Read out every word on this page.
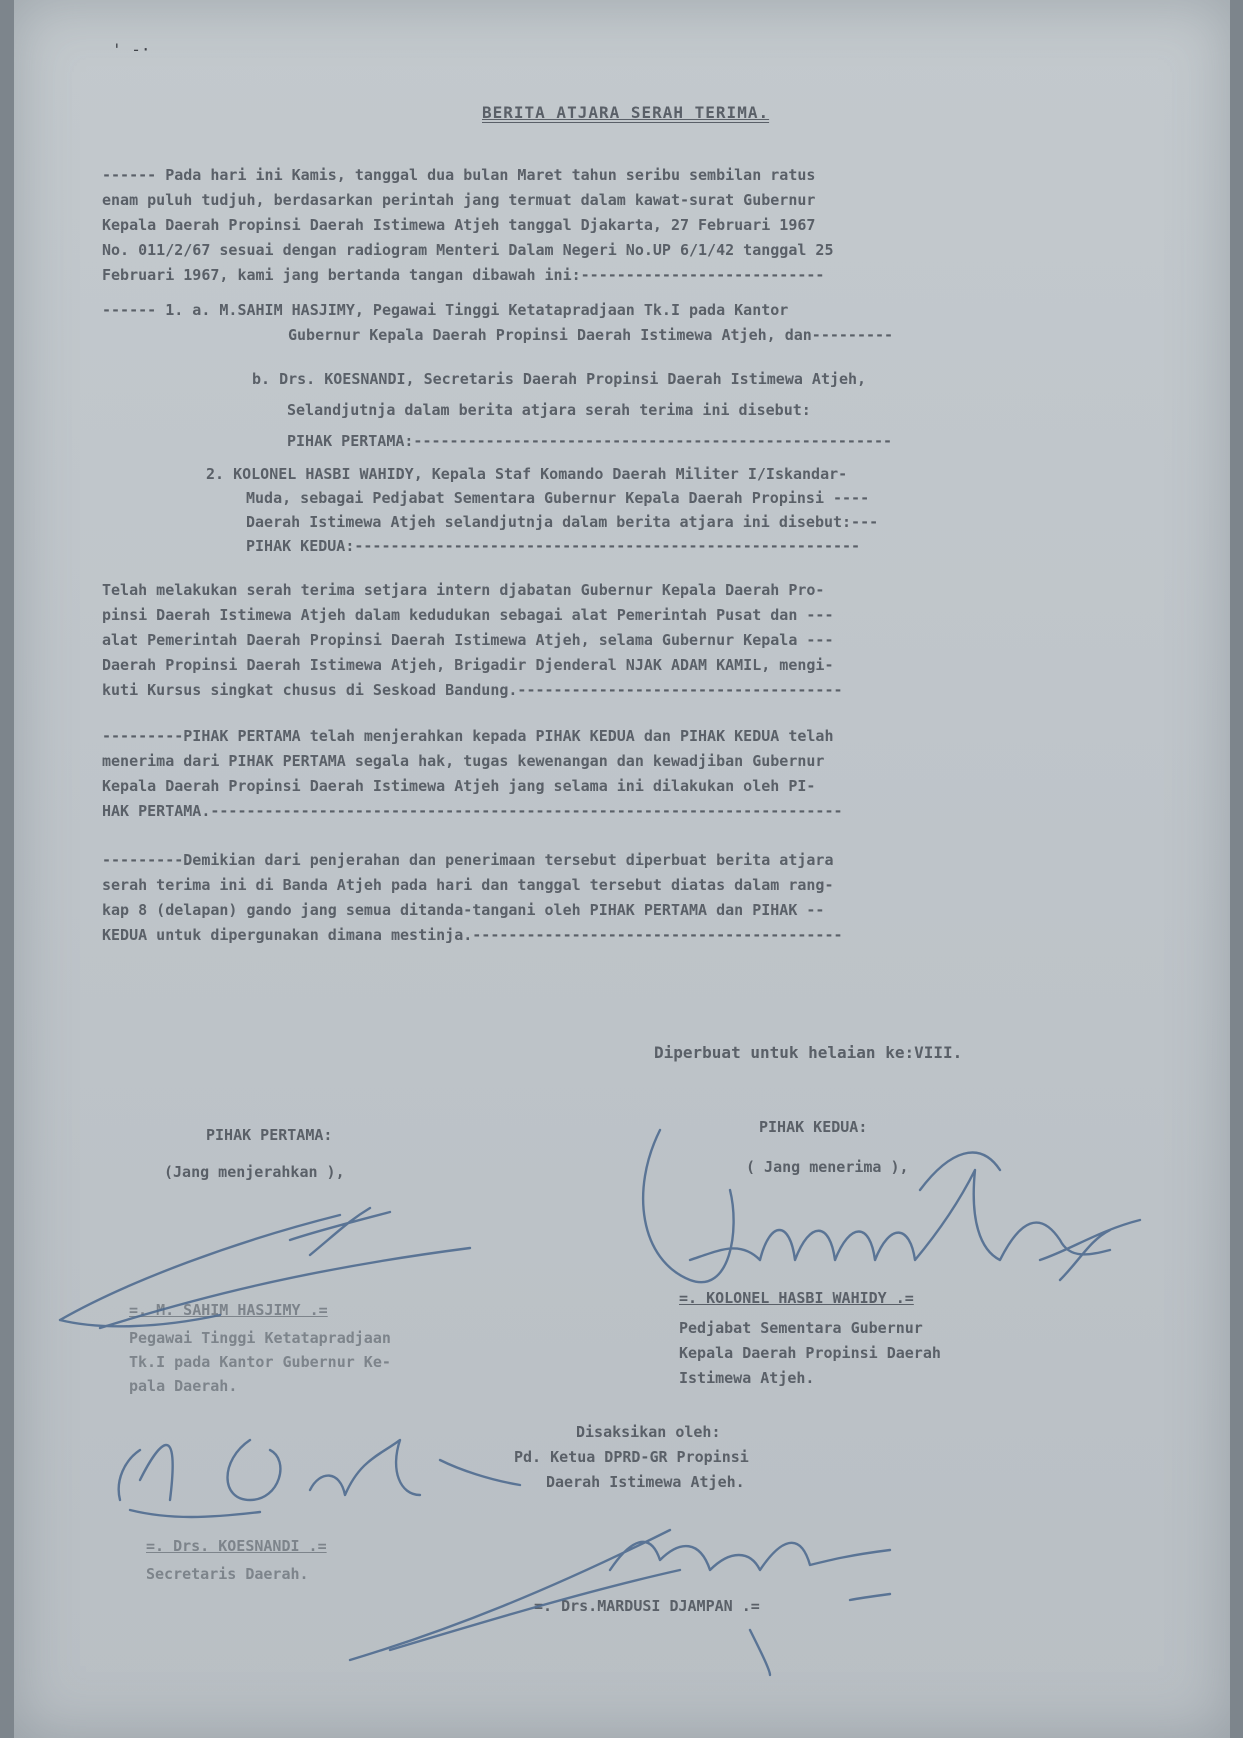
' -·
BERITA ATJARA SERAH TERIMA.
------ Pada hari ini Kamis, tanggal dua bulan Maret tahun seribu sembilan ratus
enam puluh tudjuh, berdasarkan perintah jang termuat dalam kawat-surat Gubernur
Kepala Daerah Propinsi Daerah Istimewa Atjeh tanggal Djakarta, 27 Februari 1967
No. 011/2/67 sesuai dengan radiogram Menteri Dalam Negeri No.UP 6/1/42 tanggal 25
Februari 1967, kami jang bertanda tangan dibawah ini:---------------------------
------ 1. a. M.SAHIM HASJIMY, Pegawai Tinggi Ketatapradjaan Tk.I pada Kantor
Gubernur Kepala Daerah Propinsi Daerah Istimewa Atjeh, dan---------
b. Drs. KOESNANDI, Secretaris Daerah Propinsi Daerah Istimewa Atjeh,
Selandjutnja dalam berita atjara serah terima ini disebut:
PIHAK PERTAMA:-----------------------------------------------------
2. KOLONEL HASBI WAHIDY, Kepala Staf Komando Daerah Militer I/Iskandar-
Muda, sebagai Pedjabat Sementara Gubernur Kepala Daerah Propinsi ----
Daerah Istimewa Atjeh selandjutnja dalam berita atjara ini disebut:---
PIHAK KEDUA:--------------------------------------------------------
Telah melakukan serah terima setjara intern djabatan Gubernur Kepala Daerah Pro-
pinsi Daerah Istimewa Atjeh dalam kedudukan sebagai alat Pemerintah Pusat dan ---
alat Pemerintah Daerah Propinsi Daerah Istimewa Atjeh, selama Gubernur Kepala ---
Daerah Propinsi Daerah Istimewa Atjeh, Brigadir Djenderal NJAK ADAM KAMIL, mengi-
kuti Kursus singkat chusus di Seskoad Bandung.------------------------------------
---------PIHAK PERTAMA telah menjerahkan kepada PIHAK KEDUA dan PIHAK KEDUA telah
menerima dari PIHAK PERTAMA segala hak, tugas kewenangan dan kewadjiban Gubernur
Kepala Daerah Propinsi Daerah Istimewa Atjeh jang selama ini dilakukan oleh PI-
HAK PERTAMA.----------------------------------------------------------------------
---------Demikian dari penjerahan dan penerimaan tersebut diperbuat berita atjara
serah terima ini di Banda Atjeh pada hari dan tanggal tersebut diatas dalam rang-
kap 8 (delapan) gando jang semua ditanda-tangani oleh PIHAK PERTAMA dan PIHAK --
KEDUA untuk dipergunakan dimana mestinja.-----------------------------------------
Diperbuat untuk helaian ke:VIII.
PIHAK PERTAMA:
(Jang menjerahkan ),
=. M. SAHIM HASJIMY .=
Pegawai Tinggi Ketatapradjaan
Tk.I pada Kantor Gubernur Ke-
pala Daerah.
PIHAK KEDUA:
( Jang menerima ),
=. KOLONEL HASBI WAHIDY .=
Pedjabat Sementara Gubernur
Kepala Daerah Propinsi Daerah
Istimewa Atjeh.
Disaksikan oleh:
Pd. Ketua DPRD-GR Propinsi
Daerah Istimewa Atjeh.
=. Drs.MARDUSI DJAMPAN .=
=. Drs. KOESNANDI .=
Secretaris Daerah.
